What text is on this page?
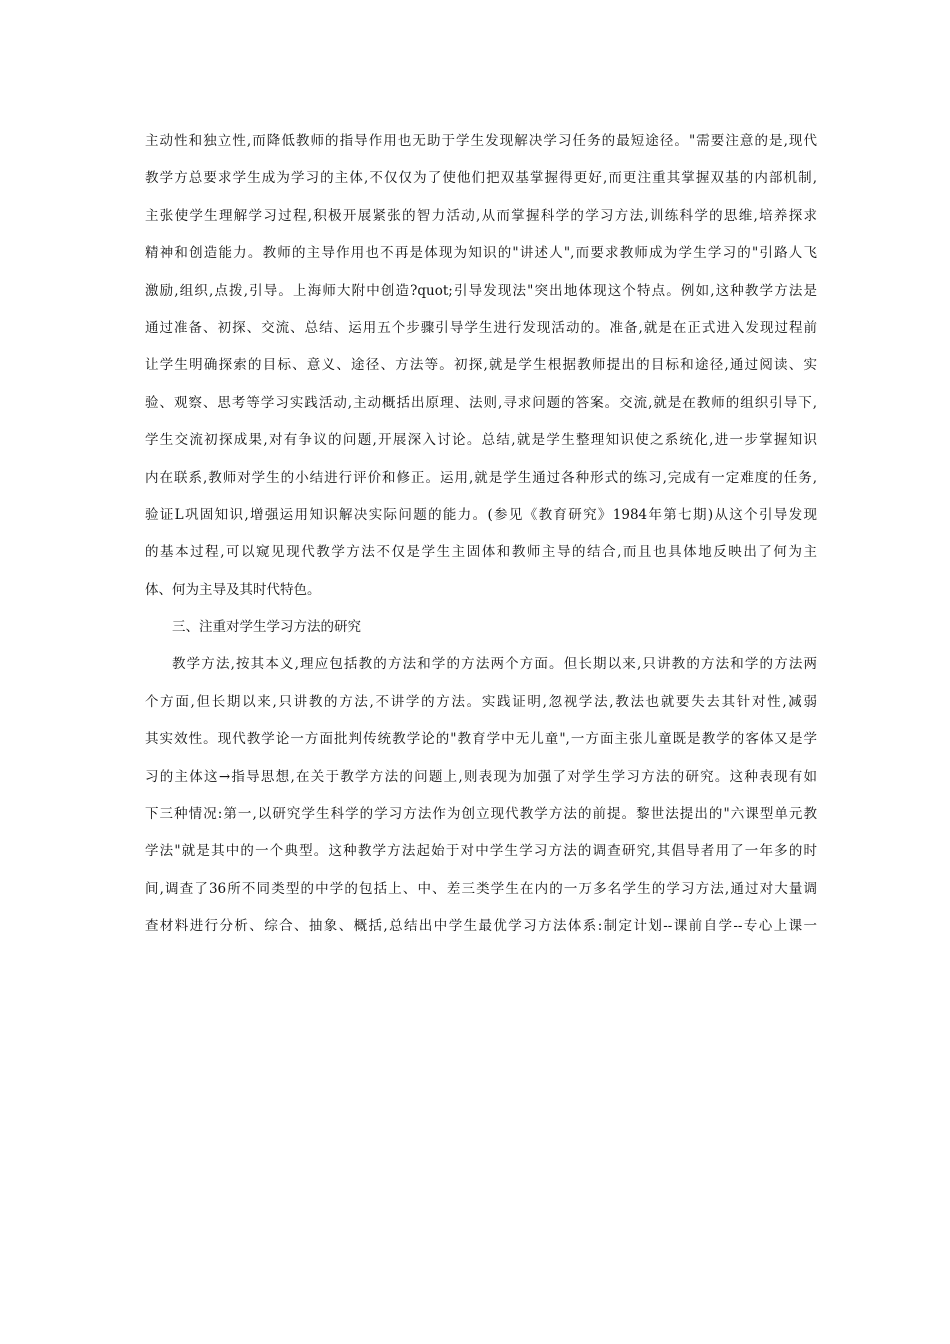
主动性和独立性,而降低教师的指导作用也无助于学生发现解决学习任务的最短途径。"需要注意的是,现代
教学方总要求学生成为学习的主体,不仅仅为了使他们把双基掌握得更好,而更注重其掌握双基的内部机制,
主张使学生理解学习过程,积极开展紧张的智力活动,从而掌握科学的学习方法,训练科学的思维,培养探求
精神和创造能力。教师的主导作用也不再是体现为知识的"讲述人",而要求教师成为学生学习的"引路人飞
激励,组织,点拨,引导。上海师大附中创造?quot;引导发现法"突出地体现这个特点。例如,这种教学方法是
通过准备、初探、交流、总结、运用五个步骤引导学生进行发现活动的。准备,就是在正式进入发现过程前
让学生明确探索的目标、意义、途径、方法等。初探,就是学生根据教师提出的目标和途径,通过阅读、实
验、观察、思考等学习实践活动,主动概括出原理、法则,寻求问题的答案。交流,就是在教师的组织引导下,
学生交流初探成果,对有争议的问题,开展深入讨论。总结,就是学生整理知识使之系统化,进一步掌握知识
内在联系,教师对学生的小结进行评价和修正。运用,就是学生通过各种形式的练习,完成有一定难度的任务,
验证L巩固知识,增强运用知识解决实际问题的能力。(参见《教育研究》1984年第七期)从这个引导发现
的基本过程,可以窥见现代教学方法不仅是学生主固体和教师主导的结合,而且也具体地反映出了何为主
体、何为主导及其时代特色。
三、注重对学生学习方法的研究
教学方法,按其本义,理应包括教的方法和学的方法两个方面。但长期以来,只讲教的方法和学的方法两
个方面,但长期以来,只讲教的方法,不讲学的方法。实践证明,忽视学法,教法也就要失去其针对性,减弱
其实效性。现代教学论一方面批判传统教学论的"教育学中无儿童",一方面主张儿童既是教学的客体又是学
习的主体这→指导思想,在关于教学方法的问题上,则表现为加强了对学生学习方法的研究。这种表现有如
下三种情况:第一,以研究学生科学的学习方法作为创立现代教学方法的前提。黎世法提出的"六课型单元教
学法"就是其中的一个典型。这种教学方法起始于对中学生学习方法的调查研究,其倡导者用了一年多的时
间,调查了36所不同类型的中学的包括上、中、差三类学生在内的一万多名学生的学习方法,通过对大量调
查材料进行分析、综合、抽象、概括,总结出中学生最优学习方法体系:制定计划--课前自学--专心上课一
